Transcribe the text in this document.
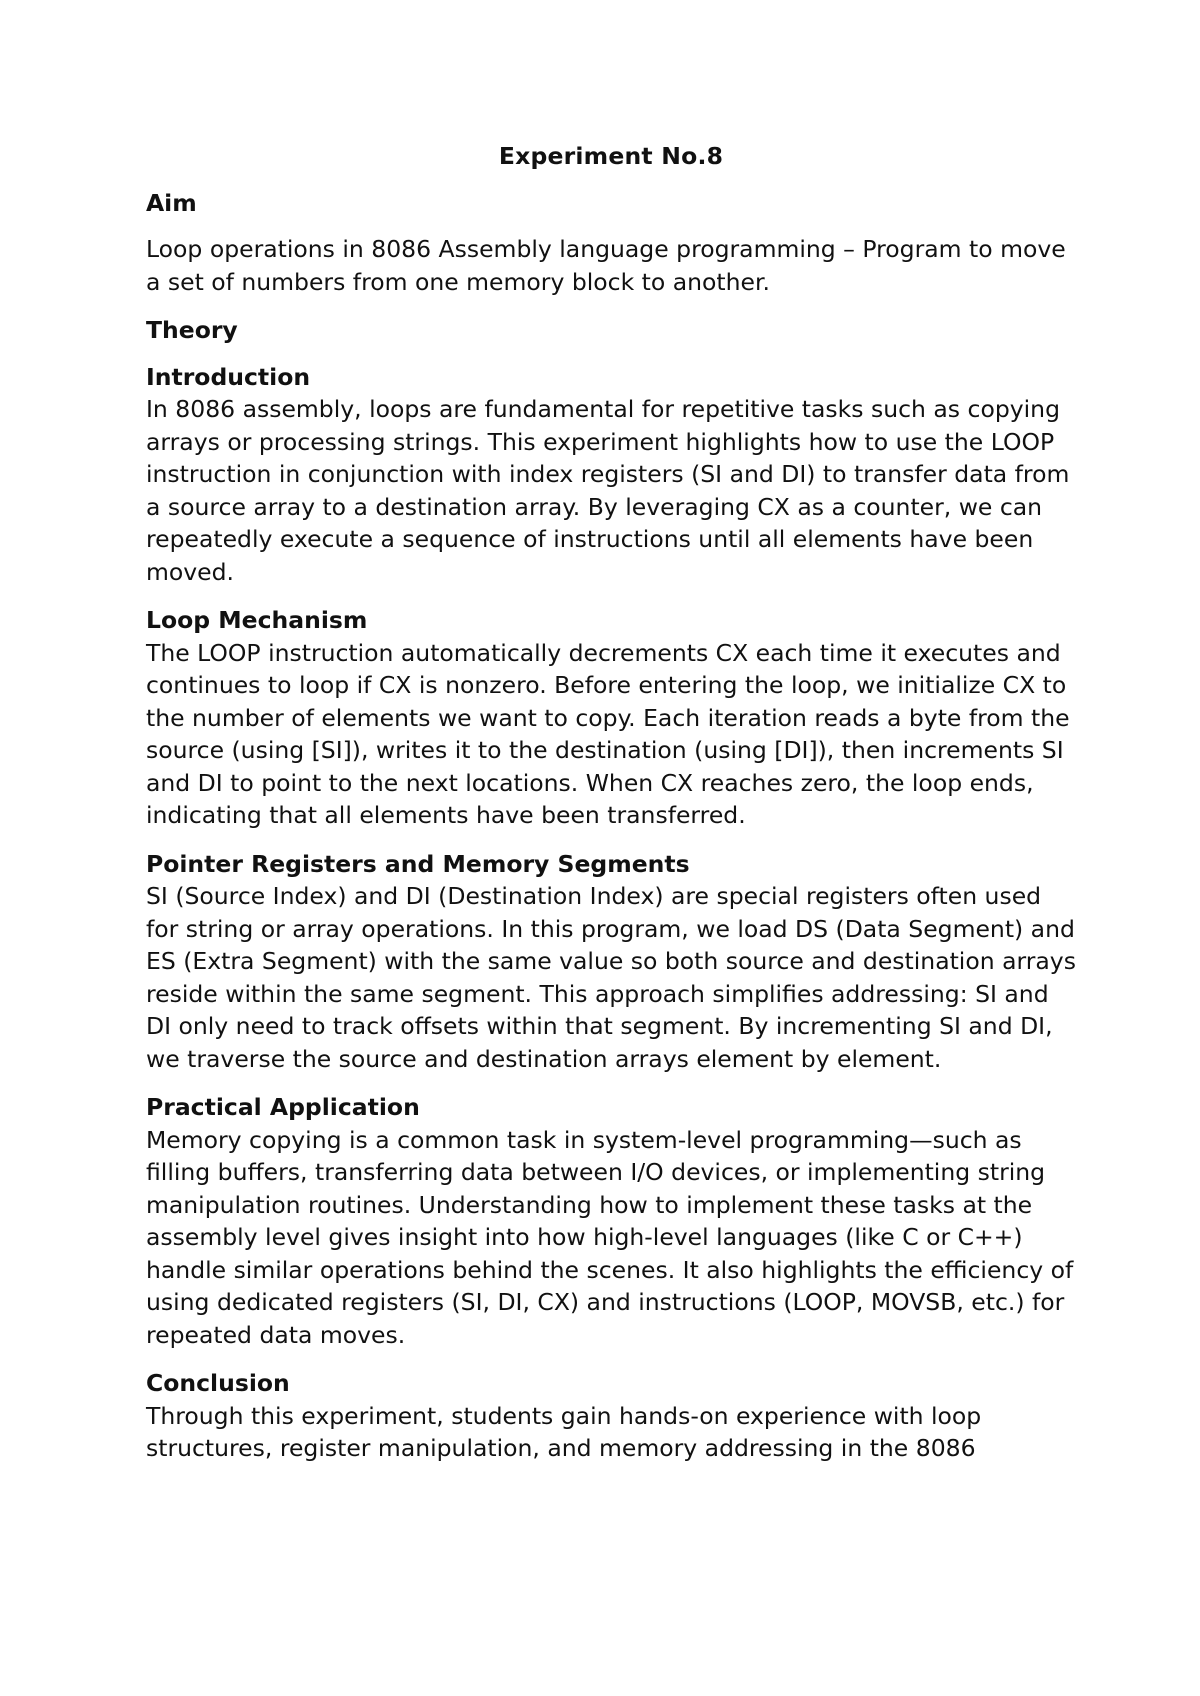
Experiment No.8
Aim

Loop operations in 8086 Assembly language programming – Program to move a set of numbers from one memory block to another.

Theory
Introduction

In 8086 assembly, loops are fundamental for repetitive tasks such as copying arrays or processing strings. This experiment highlights how to use the LOOP instruction in conjunction with index registers (SI and DI) to transfer data from a source array to a destination array. By leveraging CX as a counter, we can repeatedly execute a sequence of instructions until all elements have been moved.

Loop Mechanism

The LOOP instruction automatically decrements CX each time it executes and continues to loop if CX is nonzero. Before entering the loop, we initialize CX to the number of elements we want to copy. Each iteration reads a byte from the source (using [SI]), writes it to the destination (using [DI]), then increments SI and DI to point to the next locations. When CX reaches zero, the loop ends, indicating that all elements have been transferred.

Pointer Registers and Memory Segments

SI (Source Index) and DI (Destination Index) are special registers often used for string or array operations. In this program, we load DS (Data Segment) and ES (Extra Segment) with the same value so both source and destination arrays reside within the same segment. This approach simplifies addressing: SI and DI only need to track offsets within that segment. By incrementing SI and DI, we traverse the source and destination arrays element by element.

Practical Application

Memory copying is a common task in system-level programming—such as filling buffers, transferring data between I/O devices, or implementing string manipulation routines. Understanding how to implement these tasks at the assembly level gives insight into how high-level languages (like C or C++) handle similar operations behind the scenes. It also highlights the efficiency of using dedicated registers (SI, DI, CX) and instructions (LOOP, MOVSB, etc.) for repeated data moves.

Conclusion

Through this experiment, students gain hands-on experience with loop structures, register manipulation, and memory addressing in the 8086
